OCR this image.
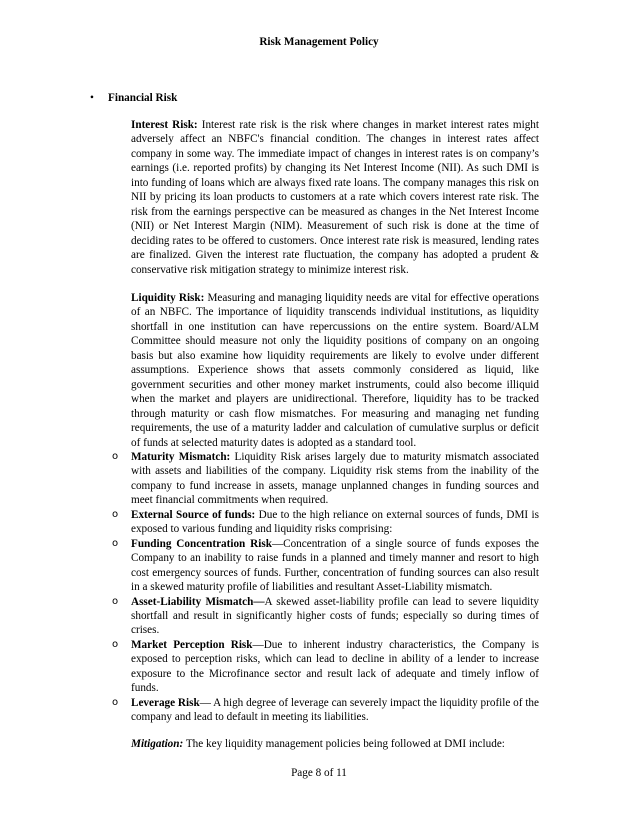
Risk Management Policy
• Financial Risk

Interest Risk: Interest rate risk is the risk where changes in market interest rates might adversely affect an NBFC's financial condition. The changes in interest rates affect company in some way. The immediate impact of changes in interest rates is on company’s earnings (i.e. reported profits) by changing its Net Interest Income (NII). As such DMI is into funding of loans which are always fixed rate loans. The company manages this risk on NII by pricing its loan products to customers at a rate which covers interest rate risk. The risk from the earnings perspective can be measured as changes in the Net Interest Income (NII) or Net Interest Margin (NIM). Measurement of such risk is done at the time of deciding rates to be offered to customers. Once interest rate risk is measured, lending rates are finalized. Given the interest rate fluctuation, the company has adopted a prudent & conservative risk mitigation strategy to minimize interest risk.

Liquidity Risk: Measuring and managing liquidity needs are vital for effective operations of an NBFC. The importance of liquidity transcends individual institutions, as liquidity shortfall in one institution can have repercussions on the entire system. Board/ALM Committee should measure not only the liquidity positions of company on an ongoing basis but also examine how liquidity requirements are likely to evolve under different assumptions. Experience shows that assets commonly considered as liquid, like government securities and other money market instruments, could also become illiquid when the market and players are unidirectional. Therefore, liquidity has to be tracked through maturity or cash flow mismatches. For measuring and managing net funding requirements, the use of a maturity ladder and calculation of cumulative surplus or deficit of funds at selected maturity dates is adopted as a standard tool.

o Maturity Mismatch: Liquidity Risk arises largely due to maturity mismatch associated with assets and liabilities of the company. Liquidity risk stems from the inability of the company to fund increase in assets, manage unplanned changes in funding sources and meet financial commitments when required.
o External Source of funds: Due to the high reliance on external sources of funds, DMI is exposed to various funding and liquidity risks comprising:
o Funding Concentration Risk—Concentration of a single source of funds exposes the Company to an inability to raise funds in a planned and timely manner and resort to high cost emergency sources of funds. Further, concentration of funding sources can also result in a skewed maturity profile of liabilities and resultant Asset-Liability mismatch.
o Asset-Liability Mismatch—A skewed asset-liability profile can lead to severe liquidity shortfall and result in significantly higher costs of funds; especially so during times of crises.
o Market Perception Risk—Due to inherent industry characteristics, the Company is exposed to perception risks, which can lead to decline in ability of a lender to increase exposure to the Microfinance sector and result lack of adequate and timely inflow of funds.
o Leverage Risk— A high degree of leverage can severely impact the liquidity profile of the company and lead to default in meeting its liabilities.

Mitigation: The key liquidity management policies being followed at DMI include:

Page 8 of 11
